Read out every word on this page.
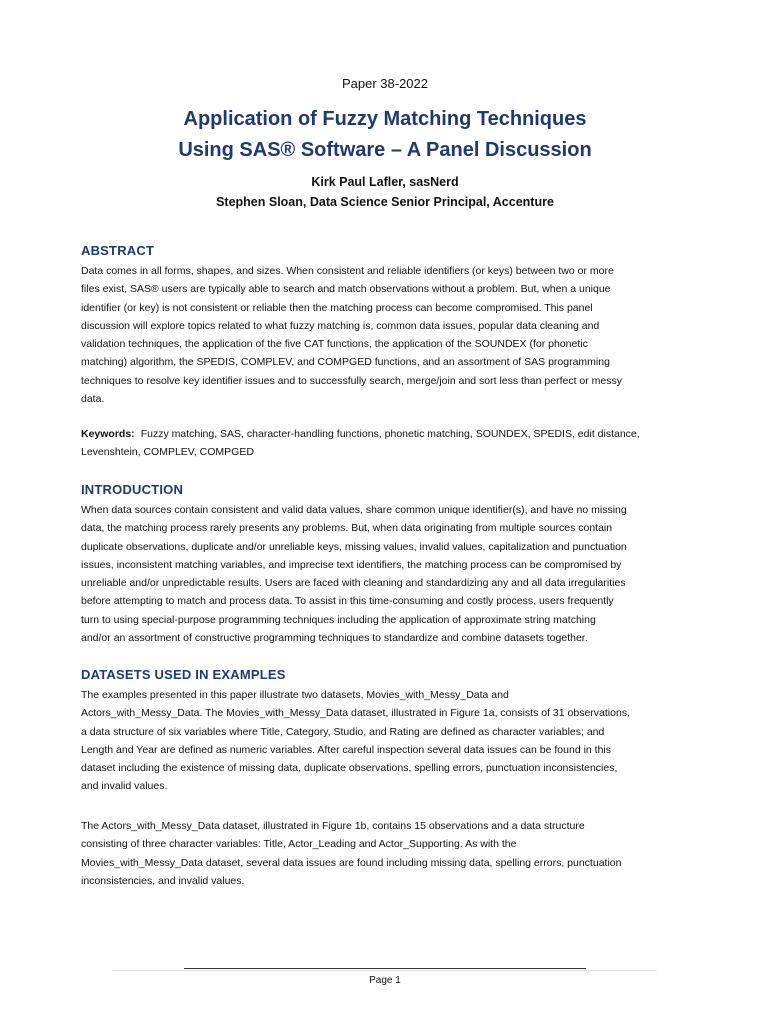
Paper 38-2022
Application of Fuzzy Matching Techniques
Using SAS® Software – A Panel Discussion
Kirk Paul Lafler, sasNerd
Stephen Sloan, Data Science Senior Principal, Accenture
ABSTRACT

Data comes in all forms, shapes, and sizes. When consistent and reliable identifiers (or keys) between two or more
files exist, SAS® users are typically able to search and match observations without a problem. But, when a unique
identifier (or key) is not consistent or reliable then the matching process can become compromised. This panel
discussion will explore topics related to what fuzzy matching is, common data issues, popular data cleaning and
validation techniques, the application of the five CAT functions, the application of the SOUNDEX (for phonetic
matching) algorithm, the SPEDIS, COMPLEV, and COMPGED functions, and an assortment of SAS programming
techniques to resolve key identifier issues and to successfully search, merge/join and sort less than perfect or messy
data.

Keywords: Fuzzy matching, SAS, character-handling functions, phonetic matching, SOUNDEX, SPEDIS, edit distance,
Levenshtein, COMPLEV, COMPGED

INTRODUCTION

When data sources contain consistent and valid data values, share common unique identifier(s), and have no missing
data, the matching process rarely presents any problems. But, when data originating from multiple sources contain
duplicate observations, duplicate and/or unreliable keys, missing values, invalid values, capitalization and punctuation
issues, inconsistent matching variables, and imprecise text identifiers, the matching process can be compromised by
unreliable and/or unpredictable results. Users are faced with cleaning and standardizing any and all data irregularities
before attempting to match and process data. To assist in this time-consuming and costly process, users frequently
turn to using special-purpose programming techniques including the application of approximate string matching
and/or an assortment of constructive programming techniques to standardize and combine datasets together.

DATASETS USED IN EXAMPLES

The examples presented in this paper illustrate two datasets, Movies_with_Messy_Data and
Actors_with_Messy_Data. The Movies_with_Messy_Data dataset, illustrated in Figure 1a, consists of 31 observations,
a data structure of six variables where Title, Category, Studio, and Rating are defined as character variables; and
Length and Year are defined as numeric variables. After careful inspection several data issues can be found in this
dataset including the existence of missing data, duplicate observations, spelling errors, punctuation inconsistencies,
and invalid values.

The Actors_with_Messy_Data dataset, illustrated in Figure 1b, contains 15 observations and a data structure
consisting of three character variables: Title, Actor_Leading and Actor_Supporting. As with the
Movies_with_Messy_Data dataset, several data issues are found including missing data, spelling errors, punctuation
inconsistencies, and invalid values.

Page 1
